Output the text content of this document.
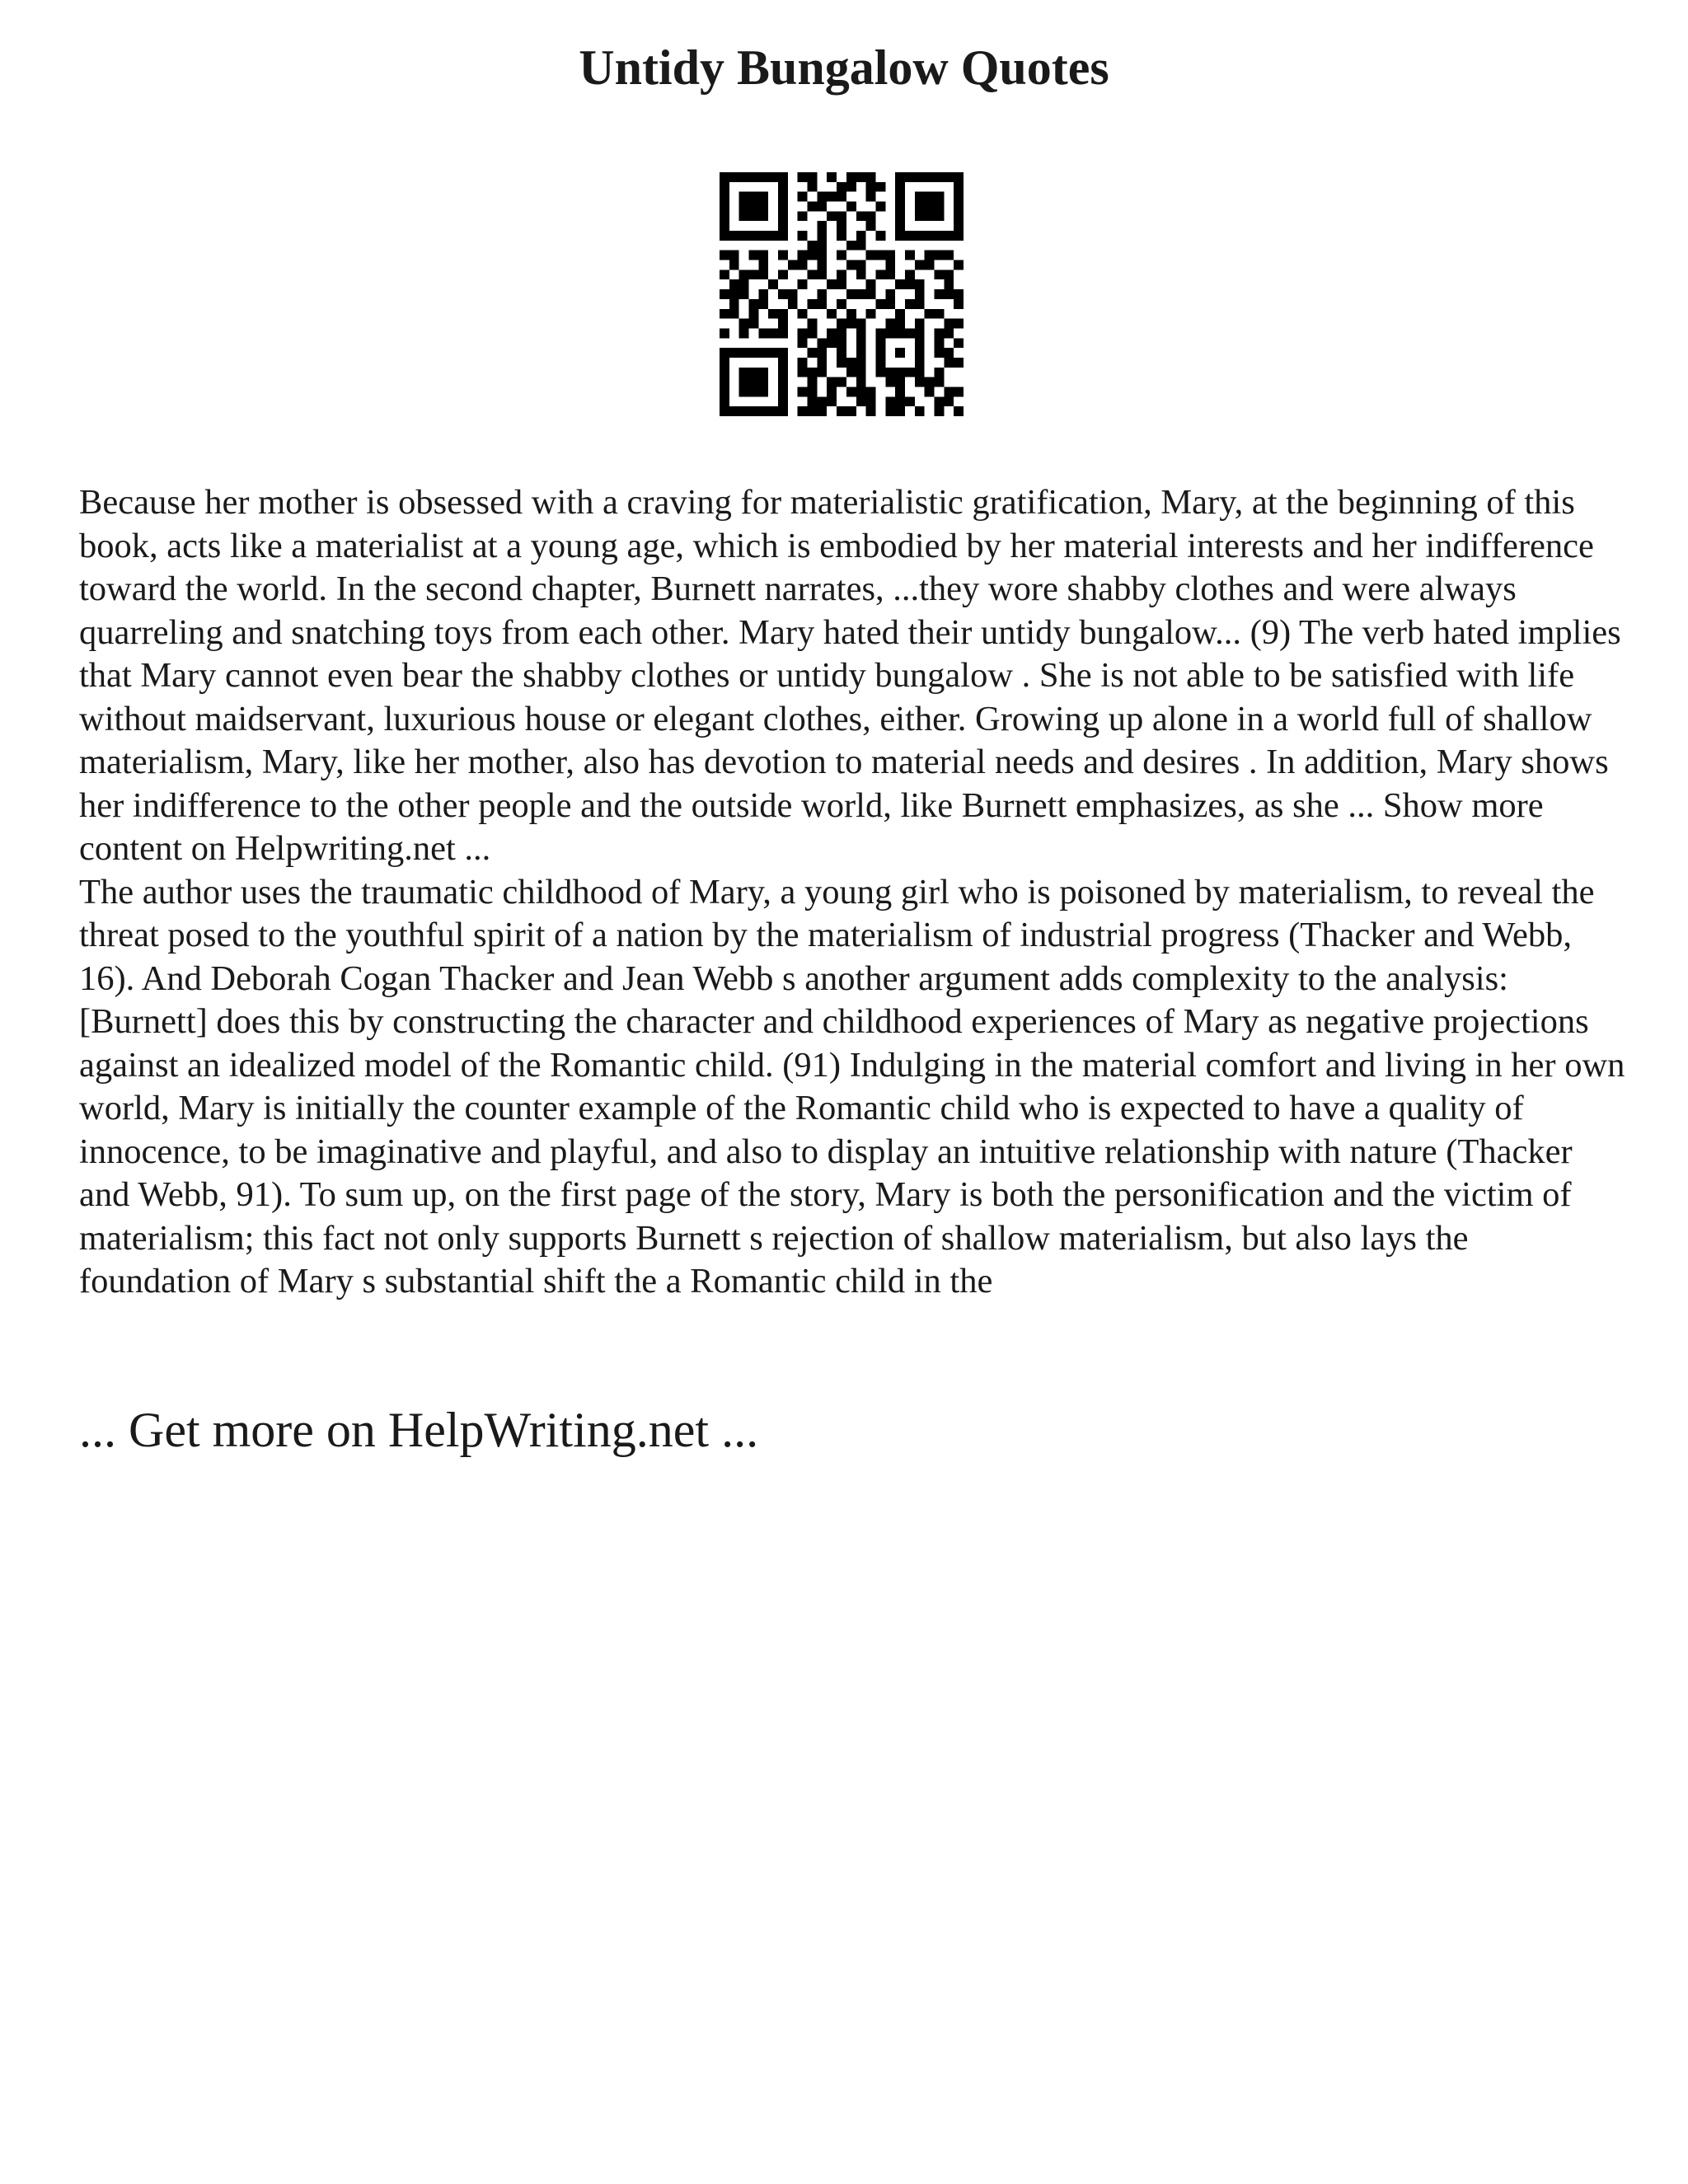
Untidy Bungalow Quotes

Because her mother is obsessed with a craving for materialistic gratification, Mary, at the beginning of this book, acts like a materialist at a young age, which is embodied by her material interests and her indifference toward the world. In the second chapter, Burnett narrates, ...they wore shabby clothes and were always quarreling and snatching toys from each other. Mary hated their untidy bungalow... (9) The verb hated implies that Mary cannot even bear the shabby clothes or untidy bungalow . She is not able to be satisfied with life without maidservant, luxurious house or elegant clothes, either. Growing up alone in a world full of shallow materialism, Mary, like her mother, also has devotion to material needs and desires . In addition, Mary shows her indifference to the other people and the outside world, like Burnett emphasizes, as she ... Show more content on Helpwriting.net ...

The author uses the traumatic childhood of Mary, a young girl who is poisoned by materialism, to reveal the threat posed to the youthful spirit of a nation by the materialism of industrial progress (Thacker and Webb, 16). And Deborah Cogan Thacker and Jean Webb s another argument adds complexity to the analysis: [Burnett] does this by constructing the character and childhood experiences of Mary as negative projections against an idealized model of the Romantic child. (91) Indulging in the material comfort and living in her own world, Mary is initially the counter example of the Romantic child who is expected to have a quality of innocence, to be imaginative and playful, and also to display an intuitive relationship with nature (Thacker and Webb, 91). To sum up, on the first page of the story, Mary is both the personification and the victim of materialism; this fact not only supports Burnett s rejection of shallow materialism, but also lays the foundation of Mary s substantial shift the a Romantic child in the

... Get more on HelpWriting.net ...
